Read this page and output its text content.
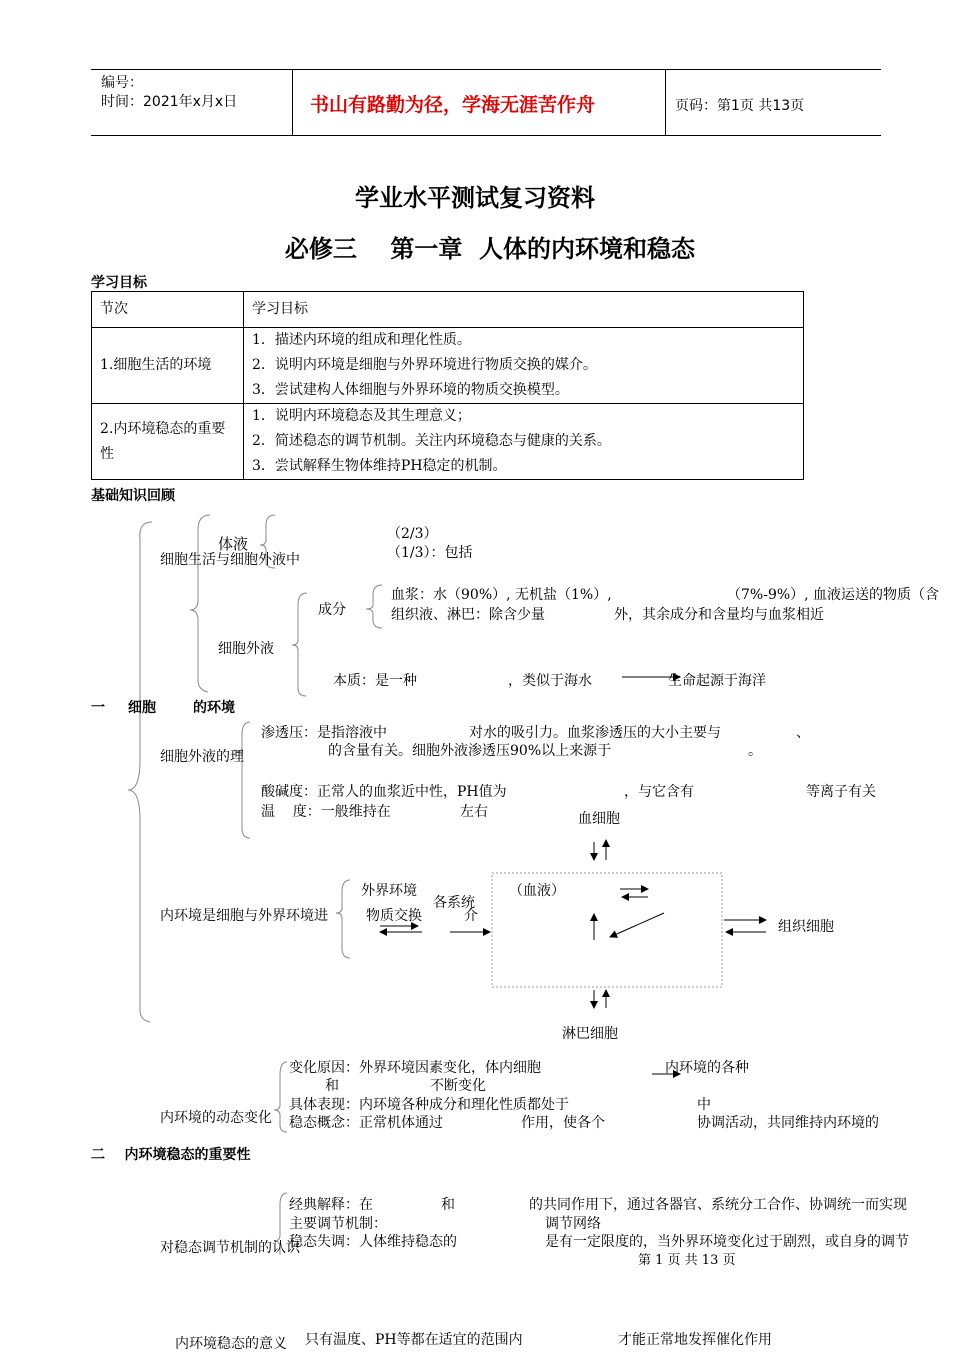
编号：
时间：2021年x月x日	书山有路勤为径，学海无涯苦作舟	页码：第1页 共13页
学业水平测试复习资料
必修三    第一章  人体的内环境和稳态
学习目标
节次	学习目标
1.细胞生活的环境	1．描述内环境的组成和理化性质。
2．说明内环境是细胞与外界环境进行物质交换的媒介。
3．尝试建构人体细胞与外界环境的物质交换模型。

2.内环境稳态的重要性	1．说明内环境稳态及其生理意义；
2．简述稳态的调节机制。关注内环境稳态与健康的关系。
3．尝试解释生物体维持PH稳定的机制。
基础知识回顾
一 细胞	的环境
体液
（2/3）
（1/3）：包括
细胞生活与细胞外液中
细胞外液
成分
血浆：水（90%）, 无机盐（1%）,	（7%-9%）, 血液运送的物质（含
组织液、淋巴：除含少量	外，其余成分和含量均与血浆相近
本质：是一种	，类似于海水	生命起源于海洋
细胞外液的理
渗透压：是指溶液中	对水的吸引力。血浆渗透压的大小主要与	、
的含量有关。细胞外液渗透压90%以上来源于	。
酸碱度：正常人的血浆近中性，PH值为	，与它含有	等离子有关
温    度：一般维持在	左右	血细胞
内环境是细胞与外界环境进	物质交换	介
外界环境
各系统
（血液）
组织细胞
淋巴细胞
内环境的动态变化
变化原因：外界环境因素变化，体内细胞	内环境的各种
和	不断变化
具体表现：内环境各种成分和理化性质都处于	中
稳态概念：正常机体通过	作用，使各个	协调活动，共同维持内环境的
二    内环境稳态的重要性
经典解释：在	和	的共同作用下，通过各器官、系统分工合作、协调统一而实现
主要调节机制：	调节网络
对稳态调节机制的认识
稳态失调：人体维持稳态的	是有一定限度的，当外界环境变化过于剧烈，或自身的调节
第 1 页 共 13 页
内环境稳态的意义 只有温度、PH等都在适宜的范围内	才能正常地发挥催化作用
